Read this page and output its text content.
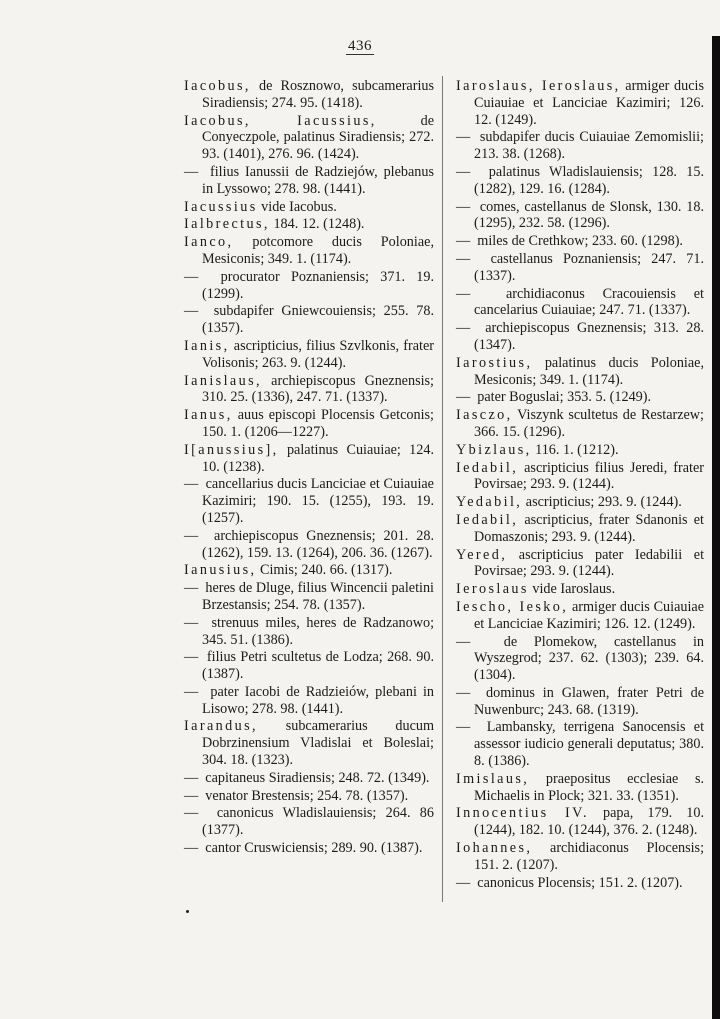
436
Iacobus, de Rosznowo, subcamerarius Siradiensis; 274. 95. (1418).
Iacobus, Iacussius,	de Conyeczpole, palatinus Siradiensis; 272. 93. (1401), 276. 96. (1424).
—  filius Ianussii de Radziejów, plebanus in Lyssowo; 278. 98. (1441).
Iacussius vide Iacobus.
Ialbrectus, 184. 12. (1248).
Ianco, potcomore ducis Poloniae, Mesiconis; 349. 1. (1174).
—  procurator Poznaniensis; 371. 19. (1299).
—  subdapifer Gniewcouiensis; 255. 78. (1357).
Ianis, ascripticius, filius Szvlkonis, frater Volisonis; 263. 9. (1244).
Ianislaus, archiepiscopus Gneznensis; 310. 25. (1336), 247. 71. (1337).
Ianus, auus episcopi Plocensis Getconis; 150. 1. (1206—1227).
I[anussius], palatinus Cuiauiae; 124. 10. (1238).
—  cancellarius ducis Lanciciae et Cuiauiae Kazimiri; 190. 15. (1255), 193. 19. (1257).
—  archiepiscopus Gneznensis; 201. 28. (1262), 159. 13. (1264), 206. 36. (1267).
Ianusius, Cimis; 240. 66. (1317).
—  heres de Dluge, filius Wincencii paletini Brzestansis; 254. 78. (1357).
—  strenuus miles, heres de Radzanowo; 345. 51. (1386).
—  filius Petri scultetus de Lodza; 268. 90. (1387).
—  pater Iacobi de Radzieiów, plebani in Lisowo; 278. 98. (1441).
Iarandus, subcamerarius ducum Dobrzinensium Vladislai et Boleslai; 304. 18. (1323).
—  capitaneus Siradiensis; 248. 72. (1349).
—  venator Brestensis; 254. 78. (1357).
—  canonicus Wladislauiensis; 264. 86 (1377).
—  cantor Cruswiciensis; 289. 90. (1387).
Iaroslaus, Ieroslaus, armiger ducis Cuiauiae et Lanciciae Kazimiri; 126. 12. (1249).
—  subdapifer ducis Cuiauiae Zemomislii; 213. 38. (1268).
—  palatinus Wladislauiensis; 128. 15. (1282), 129. 16. (1284).
—  comes, castellanus de Slonsk, 130. 18. (1295), 232. 58. (1296).
—  miles de Crethkow; 233. 60. (1298).
—  castellanus Poznaniensis; 247. 71. (1337).
—  archidiaconus Cracouiensis et cancelarius Cuiauiae; 247. 71. (1337).
—  archiepiscopus Gneznensis; 313. 28. (1347).
Iarostius, palatinus ducis Poloniae, Mesiconis; 349. 1. (1174).
—  pater Boguslai; 353. 5. (1249).
Iasczo, Viszynk scultetus de Restarzew; 366. 15. (1296).
Ybizlaus, 116. 1. (1212).
Iedabil, ascripticius filius Jeredi, frater Povirsae; 293. 9. (1244).
Yedabil, ascripticius; 293. 9. (1244).
Iedabil, ascripticius, frater Sdanonis et Domaszonis; 293. 9. (1244).
Yered, ascripticius pater Iedabilii et Povirsae; 293. 9. (1244).
Ieroslaus vide Iaroslaus.
Iescho, Iesko, armiger ducis Cuiauiae et Lanciciae Kazimiri; 126. 12. (1249).
—  de Plomekow, castellanus in Wyszegrod; 237. 62. (1303); 239. 64. (1304).
—  dominus in Glawen, frater Petri de Nuwenburc; 243. 68. (1319).
—  Lambansky, terrigena Sanocensis et assessor iudicio generali deputatus; 380. 8. (1386).
Imislaus, praepositus ecclesiae s. Michaelis in Plock; 321. 33. (1351).
Innocentius IV. papa, 179. 10. (1244), 182. 10. (1244), 376. 2. (1248).
Iohannes, archidiaconus Plocensis; 151. 2. (1207).
—  canonicus Plocensis; 151. 2. (1207).
